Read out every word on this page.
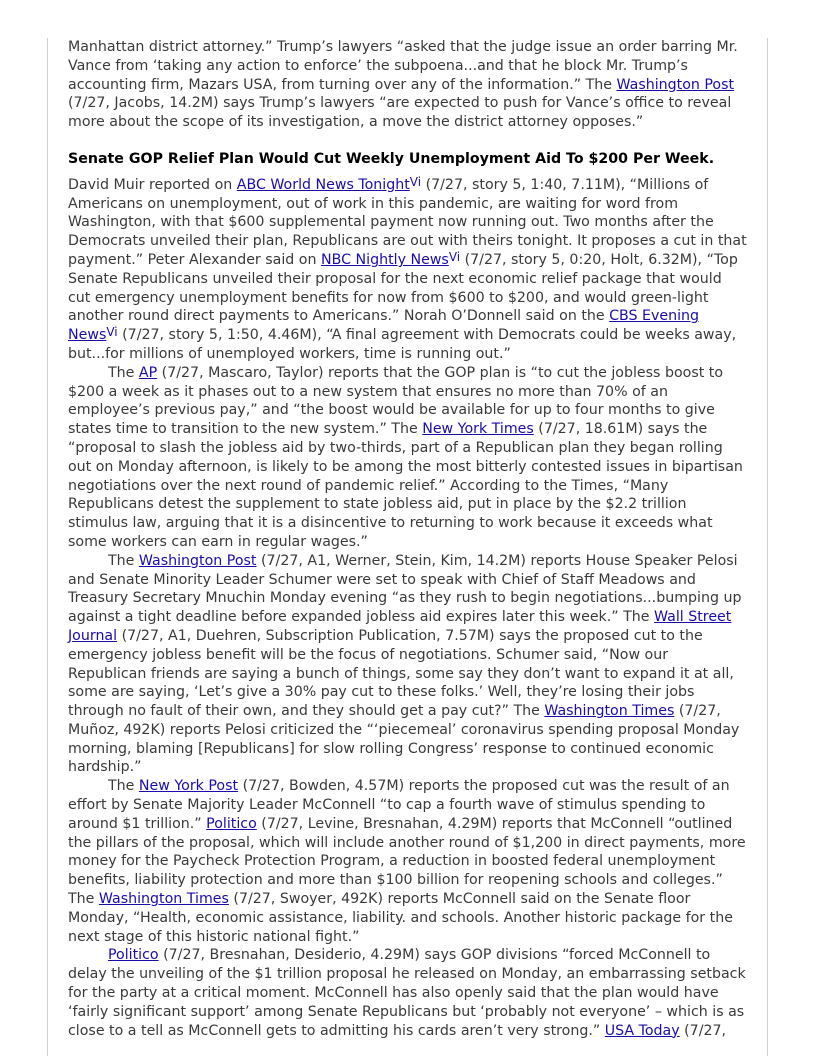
Manhattan district attorney.” Trump’s lawyers “asked that the judge issue an order barring Mr. Vance from ‘taking any action to enforce’ the subpoena...and that he block Mr. Trump’s accounting firm, Mazars USA, from turning over any of the information.” The Washington Post (7/27, Jacobs, 14.2M) says Trump’s lawyers “are expected to push for Vance’s office to reveal more about the scope of its investigation, a move the district attorney opposes.”

Senate GOP Relief Plan Would Cut Weekly Unemployment Aid To $200 Per Week.

David Muir reported on ABC World News Tonight$^{Vi}$ (7/27, story 5, 1:40, 7.11M), “Millions of Americans on unemployment, out of work in this pandemic, are waiting for word from Washington, with that $600 supplemental payment now running out. Two months after the Democrats unveiled their plan, Republicans are out with theirs tonight. It proposes a cut in that payment.” Peter Alexander said on NBC Nightly News$^{Vi}$ (7/27, story 5, 0:20, Holt, 6.32M), “Top Senate Republicans unveiled their proposal for the next economic relief package that would cut emergency unemployment benefits for now from $600 to $200, and would green-light another round direct payments to Americans.” Norah O’Donnell said on the CBS Evening News$^{Vi}$ (7/27, story 5, 1:50, 4.46M), “A final agreement with Democrats could be weeks away, but...for millions of unemployed workers, time is running out.”

The AP (7/27, Mascaro, Taylor) reports that the GOP plan is “to cut the jobless boost to $200 a week as it phases out to a new system that ensures no more than 70% of an employee’s previous pay,” and “the boost would be available for up to four months to give states time to transition to the new system.” The New York Times (7/27, 18.61M) says the “proposal to slash the jobless aid by two-thirds, part of a Republican plan they began rolling out on Monday afternoon, is likely to be among the most bitterly contested issues in bipartisan negotiations over the next round of pandemic relief.” According to the Times, “Many Republicans detest the supplement to state jobless aid, put in place by the $2.2 trillion stimulus law, arguing that it is a disincentive to returning to work because it exceeds what some workers can earn in regular wages.”

The Washington Post (7/27, A1, Werner, Stein, Kim, 14.2M) reports House Speaker Pelosi and Senate Minority Leader Schumer were set to speak with Chief of Staff Meadows and Treasury Secretary Mnuchin Monday evening “as they rush to begin negotiations...bumping up against a tight deadline before expanded jobless aid expires later this week.” The Wall Street Journal (7/27, A1, Duehren, Subscription Publication, 7.57M) says the proposed cut to the emergency jobless benefit will be the focus of negotiations. Schumer said, “Now our Republican friends are saying a bunch of things, some say they don’t want to expand it at all, some are saying, ‘Let’s give a 30% pay cut to these folks.’ Well, they’re losing their jobs through no fault of their own, and they should get a pay cut?” The Washington Times (7/27, Muñoz, 492K) reports Pelosi criticized the “‘piecemeal’ coronavirus spending proposal Monday morning, blaming [Republicans] for slow rolling Congress’ response to continued economic hardship.”

The New York Post (7/27, Bowden, 4.57M) reports the proposed cut was the result of an effort by Senate Majority Leader McConnell “to cap a fourth wave of stimulus spending to around $1 trillion.” Politico (7/27, Levine, Bresnahan, 4.29M) reports that McConnell “outlined the pillars of the proposal, which will include another round of $1,200 in direct payments, more money for the Paycheck Protection Program, a reduction in boosted federal unemployment benefits, liability protection and more than $100 billion for reopening schools and colleges.” The Washington Times (7/27, Swoyer, 492K) reports McConnell said on the Senate floor Monday, “Health, economic assistance, liability. and schools. Another historic package for the next stage of this historic national fight.”

Politico (7/27, Bresnahan, Desiderio, 4.29M) says GOP divisions “forced McConnell to delay the unveiling of the $1 trillion proposal he released on Monday, an embarrassing setback for the party at a critical moment. McConnell has also openly said that the plan would have ‘fairly significant support’ among Senate Republicans but ‘probably not everyone’ – which is as close to a tell as McConnell gets to admitting his cards aren’t very strong.” USA Today (7/27,
